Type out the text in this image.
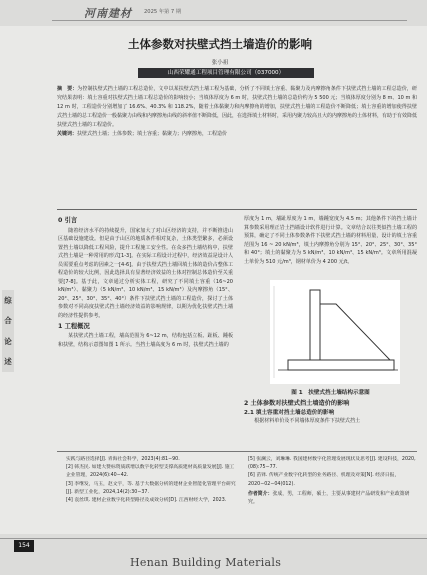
河南建材 2025 年第 7 期
综
合
论
述
土体参数对扶壁式挡土墙造价的影响
张小祖
山西荣耀通工程项目管理有限公司（037000）

摘　要：为控制扶壁式挡土墙的工程总造价，文中以某扶壁式挡土墙工程为基础，分析了不同填土容重、黏聚力及内摩擦角条件下扶壁式挡土墙的工程总造价，研究结果表明：填土容重对扶壁式挡土墙工程总造价的影响较小；当填体厚度为 6 m 时，扶壁式挡土墙的总造价约为 5 500 元；当填体厚度分别为 8 m、10 m 和 12 m 时，工程造价分别增加了 16.6%、40.3% 和 118.2%，随着土体黏聚力和内摩擦角的增加，扶壁式挡土墙的工程造价不断降低；填土容重的增加使得扶壁式挡土墙的总工程造价一般黏聚力由线和内摩擦角由线的斜率值不断降低，因此，在选择填土材料时，采用内聚力较高且大的内摩擦角的土体材料，有助于有效降低扶壁式挡土墙的工程造价。

关键词：扶壁式挡土墙；土体参数；填土容重；黏聚力；内摩擦角，工程造价

0 引言

随着经济水平的持续提升，国家加大了对山区经济的支持，并不断推进山区基础设施建设。但是由于山区的地质条件相对复杂，土体类型繁多，必须设置挡土墙以降低工程风险，提升工程施工安全性。在众多挡土墙结构中，扶壁式挡土墙是一种常用的形式[1-3]。在实际工程设计过程中，经济效益是设计人员需要重点考虑的因素之一[4-6]。由于扶壁式挡土墙回填土体的造价占整体工程造价的较大比例，因此选择具有显著经济效益的土体对控制总体造价至关重要[7-8]。基于此，文章通过分析实体工程，研究了不同填土容重（16~20 kN/m³）、黏聚力（5 kN/m³、10 kN/m³、15 kN/m³）及内摩擦角（15°、20°、25°、30°、35°、40°）条件下扶壁式挡土墙的工程造价，探讨了土体参数对不同高度扶壁式挡土墙经济效益的影响规律，以期为优化扶壁式挡土墙的经济性提供参考。

1 工程概况

某扶壁式挡土墙工程，墙高范围为 6~12 m，结构包括立板、趾板、踵板和扶壁，结构示意图如图 1 所示。当挡土墙高度为 6 m 时，扶壁式挡土墙的

厚度为 1 m，墙趾厚度为 1 m，墙踵宽度为 4.5 m；其他条件下的挡土墙计算参数采用理正岩土挡墙设计软件进行计算。文章结合以往类似挡土墙工程的预算，确定了不同土体参数条件下扶壁式挡土墙的材料用量，设计的填土容重范围为 16 ~ 20 kN/m³，填土内摩擦角分别为 15°、20°、25°、30°、35° 和 40°；填土的黏聚力为 5 kN/m³、10 kN/m³、15 kN/m³。文章所用混凝土单价为 510 元/m³，钢材单价为 4 200 元/t。

图 1　扶壁式挡土墙结构示意图
2 土体参数对扶壁式挡土墙造价的影响
2.1 填土容重对挡土墙总造价的影响

根据材料单价及不同墙体厚度条件下扶壁式挡土

实践与路径选择[J]. 青海社会科学，2023(4):81−90.

[2] 韩杰民. 如建大赞标资质跃增以数字化转型支撑高质建材高质量发展[J]. 施工企业管理，2024(6):40−42.

[3] 李继发，马玉，赵文宇，等. 基于大数据分析的建材企业智能化管理平台研究[J]. 新型工业化，2024,14(2):30−37.

[4] 袁丝琪. 建材企业数字化转型路径及成效分析[D]. 江西财经大学，2023.

[5] 张澜云，刘琳琳. 我国建材数字化管理发展现状及思考[J]. 建设科技，2020,(08):75−77.

[6] 苗铎. 传统产业数字化转型的业务路径、机理及对策[N]. 经济日报，2020−02−04(012).

作者简介：张成，男，工程师，硕士，主要从事建材产品研发和产业政策研究。
154
Henan Building Materials
